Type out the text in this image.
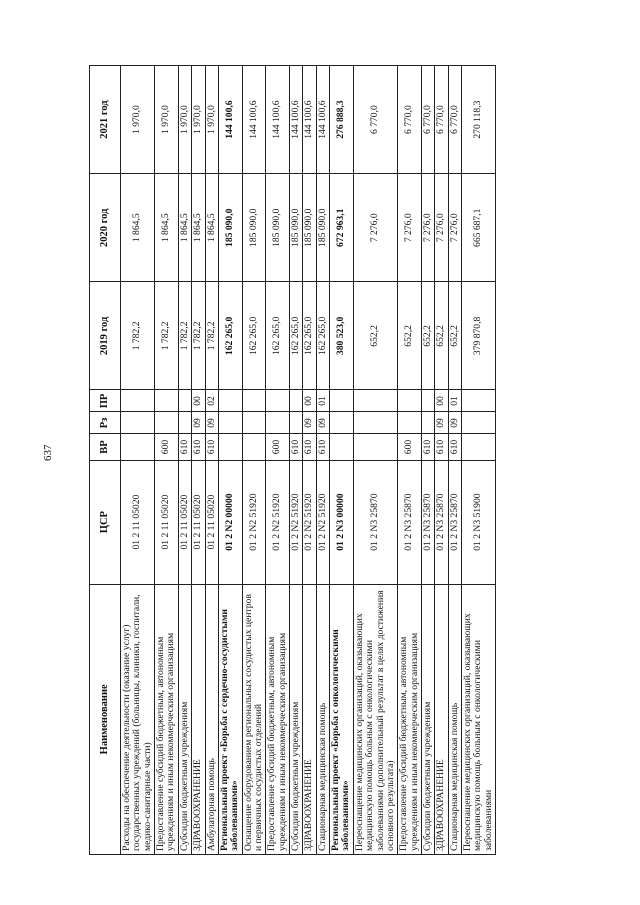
637
Наименование	ЦСР	ВР	Рз	ПР	2019 год	2020 год	2021 год
Расходы на обеспечение деятельности (оказание услуг) государственных учреждений (больницы, клиники, госпитали, медико-санитарные части)	01 2 11 05020				1 782,2	1 864,5	1 970,0
Предоставление субсидий бюджетным, автономным учреждениям и иным некоммерческим организациям	01 2 11 05020	600			1 782,2	1 864,5	1 970,0
Субсидии бюджетным учреждениям	01 2 11 05020	610			1 782,2	1 864,5	1 970,0
ЗДРАВООХРАНЕНИЕ	01 2 11 05020	610	09	00	1 782,2	1 864,5	1 970,0
Амбулаторная помощь	01 2 11 05020	610	09	02	1 782,2	1 864,5	1 970,0
Региональный проект «Борьба с сердечно-сосудистыми заболеваниями»	01 2 N2 00000				162 265,0	185 090,0	144 100,6
Оснащение оборудованием региональных сосудистых центров и первичных сосудистых отделений	01 2 N2 51920				162 265,0	185 090,0	144 100,6
Предоставление субсидий бюджетным, автономным учреждениям и иным некоммерческим организациям	01 2 N2 51920	600			162 265,0	185 090,0	144 100,6
Субсидии бюджетным учреждениям	01 2 N2 51920	610			162 265,0	185 090,0	144 100,6
ЗДРАВООХРАНЕНИЕ	01 2 N2 51920	610	09	00	162 265,0	185 090,0	144 100,6
Стационарная медицинская помощь	01 2 N2 51920	610	09	01	162 265,0	185 090,0	144 100,6
Региональный проект «Борьба с онкологическими заболеваниями»	01 2 N3 00000				380 523,0	672 963,1	276 888,3
Переоснащение медицинских организаций, оказывающих медицинскую помощь больным с онкологическими заболеваниями (дополнительный результат в целях достижения основного результата)	01 2 N3 25870				652,2	7 276,0	6 770,0
Предоставление субсидий бюджетным, автономным учреждениям и иным некоммерческим организациям	01 2 N3 25870	600			652,2	7 276,0	6 770,0
Субсидии бюджетным учреждениям	01 2 N3 25870	610			652,2	7 276,0	6 770,0
ЗДРАВООХРАНЕНИЕ	01 2 N3 25870	610	09	00	652,2	7 276,0	6 770,0
Стационарная медицинская помощь	01 2 N3 25870	610	09	01	652,2	7 276,0	6 770,0
Переоснащение медицинских организаций, оказывающих медицинскую помощь больным с онкологическими заболеваниями	01 2 N3 51900				379 870,8	665 687,1	270 118,3
